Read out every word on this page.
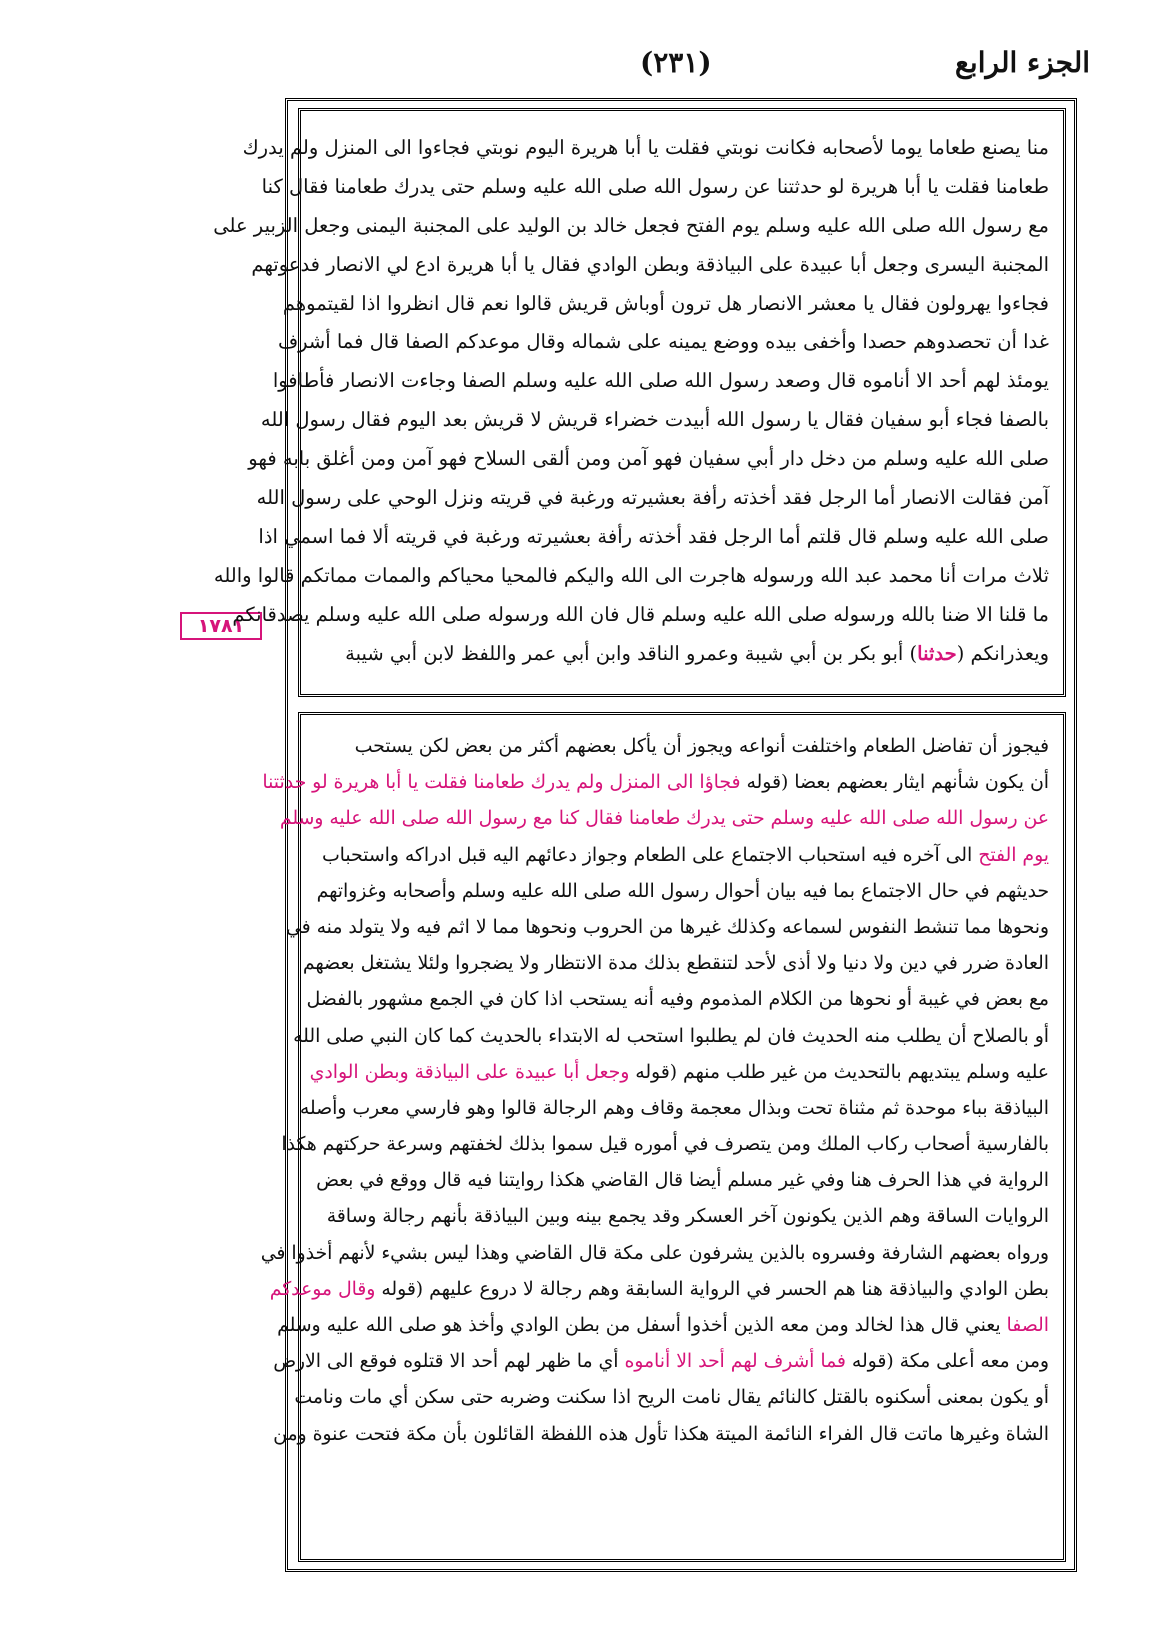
الجزء الرابع
(٢٣١)
١٧٨١
منا يصنع طعاما يوما لأصحابه فكانت نوبتي فقلت يا أبا هريرة اليوم نوبتي فجاءوا الى المنزل ولم يدرك
طعامنا فقلت يا أبا هريرة لو حدثتنا عن رسول الله صلى الله عليه وسلم حتى يدرك طعامنا فقال كنا
مع رسول الله صلى الله عليه وسلم يوم الفتح فجعل خالد بن الوليد على المجنبة اليمنى وجعل الزبير على
المجنبة اليسرى وجعل أبا عبيدة على البياذقة وبطن الوادي فقال يا أبا هريرة ادع لي الانصار فدعوتهم
فجاءوا يهرولون فقال يا معشر الانصار هل ترون أوباش قريش قالوا نعم قال انظروا اذا لقيتموهم
غدا أن تحصدوهم حصدا وأخفى بيده ووضع يمينه على شماله وقال موعدكم الصفا قال فما أشرف
يومئذ لهم أحد الا أناموه قال وصعد رسول الله صلى الله عليه وسلم الصفا وجاءت الانصار فأطافوا
بالصفا فجاء أبو سفيان فقال يا رسول الله أبيدت خضراء قريش لا قريش بعد اليوم فقال رسول الله
صلى الله عليه وسلم من دخل دار أبي سفيان فهو آمن ومن ألقى السلاح فهو آمن ومن أغلق بابه فهو
آمن فقالت الانصار أما الرجل فقد أخذته رأفة بعشيرته ورغبة في قريته ونزل الوحي على رسول الله
صلى الله عليه وسلم قال قلتم أما الرجل فقد أخذته رأفة بعشيرته ورغبة في قريته ألا فما اسمي اذا
ثلاث مرات أنا محمد عبد الله ورسوله هاجرت الى الله واليكم فالمحيا محياكم والممات مماتكم قالوا والله
ما قلنا الا ضنا بالله ورسوله صلى الله عليه وسلم قال فان الله ورسوله صلى الله عليه وسلم يصدقانكم
ويعذرانكم (حدثنا) أبو بكر بن أبي شيبة وعمرو الناقد وابن أبي عمر واللفظ لابن أبي شيبة
فيجوز أن تفاضل الطعام واختلفت أنواعه ويجوز أن يأكل بعضهم أكثر من بعض لكن يستحب
أن يكون شأنهم ايثار بعضهم بعضا (قوله فجاؤا الى المنزل ولم يدرك طعامنا فقلت يا أبا هريرة لو حدثتنا
عن رسول الله صلى الله عليه وسلم حتى يدرك طعامنا فقال كنا مع رسول الله صلى الله عليه وسلم
يوم الفتح الى آخره فيه استحباب الاجتماع على الطعام وجواز دعائهم اليه قبل ادراكه واستحباب
حديثهم في حال الاجتماع بما فيه بيان أحوال رسول الله صلى الله عليه وسلم وأصحابه وغزواتهم
ونحوها مما تنشط النفوس لسماعه وكذلك غيرها من الحروب ونحوها مما لا اثم فيه ولا يتولد منه في
العادة ضرر في دين ولا دنيا ولا أذى لأحد لتنقطع بذلك مدة الانتظار ولا يضجروا ولئلا يشتغل بعضهم
مع بعض في غيبة أو نحوها من الكلام المذموم وفيه أنه يستحب اذا كان في الجمع مشهور بالفضل
أو بالصلاح أن يطلب منه الحديث فان لم يطلبوا استحب له الابتداء بالحديث كما كان النبي صلى الله
عليه وسلم يبتديهم بالتحديث من غير طلب منهم (قوله وجعل أبا عبيدة على البياذقة وبطن الوادي
البياذقة بباء موحدة ثم مثناة تحت وبذال معجمة وقاف وهم الرجالة قالوا وهو فارسي معرب وأصله
بالفارسية أصحاب ركاب الملك ومن يتصرف في أموره قيل سموا بذلك لخفتهم وسرعة حركتهم هكذا
الرواية في هذا الحرف هنا وفي غير مسلم أيضا قال القاضي هكذا روايتنا فيه قال ووقع في بعض
الروايات الساقة وهم الذين يكونون آخر العسكر وقد يجمع بينه وبين البياذقة بأنهم رجالة وساقة
ورواه بعضهم الشارفة وفسروه بالذين يشرفون على مكة قال القاضي وهذا ليس بشيء لأنهم أخذوا في
بطن الوادي والبياذقة هنا هم الحسر في الرواية السابقة وهم رجالة لا دروع عليهم (قوله وقال موعدكم
الصفا يعني قال هذا لخالد ومن معه الذين أخذوا أسفل من بطن الوادي وأخذ هو صلى الله عليه وسلم
ومن معه أعلى مكة (قوله فما أشرف لهم أحد الا أناموه أي ما ظهر لهم أحد الا قتلوه فوقع الى الارض
أو يكون بمعنى أسكنوه بالقتل كالنائم يقال نامت الريح اذا سكنت وضربه حتى سكن أي مات ونامت
الشاة وغيرها ماتت قال الفراء النائمة الميتة هكذا تأول هذه اللفظة القائلون بأن مكة فتحت عنوة ومن
